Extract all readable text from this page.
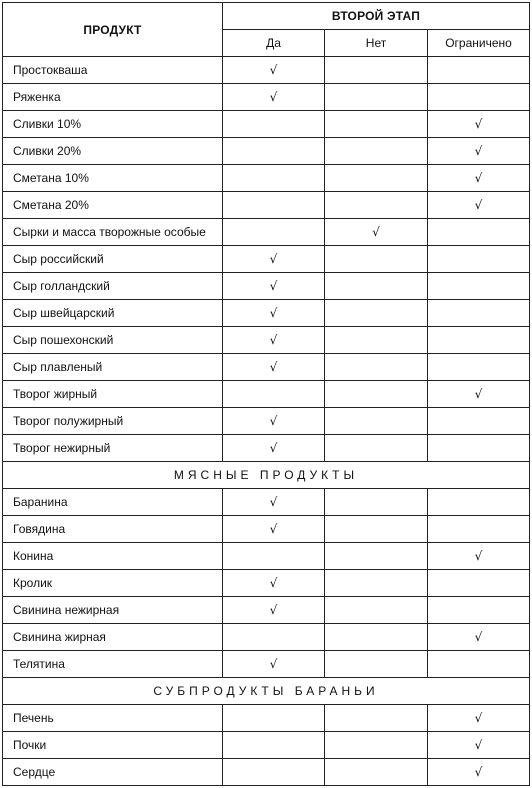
ПРОДУКТ	ВТОРОЙ ЭТАП		
	Да	Нет	Ограничено
Простокваша	√		
Ряженка	√		
Сливки 10%			√
Сливки 20%			√
Сметана 10%			√
Сметана 20%			√
Сырки и масса творожные особые		√	
Сыр российский	√		
Сыр голландский	√		
Сыр швейцарский	√		
Сыр пошехонский	√		
Сыр плавленый	√		
Творог жирный			√
Творог полужирный	√		
Творог нежирный	√		
МЯСНЫЕ ПРОДУКТЫ			
Баранина	√		
Говядина	√		
Конина			√
Кролик	√		
Свинина нежирная	√		
Свинина жирная			√
Телятина	√		
СУБПРОДУКТЫ БАРАНЬИ			
Печень			√
Почки			√
Сердце			√
